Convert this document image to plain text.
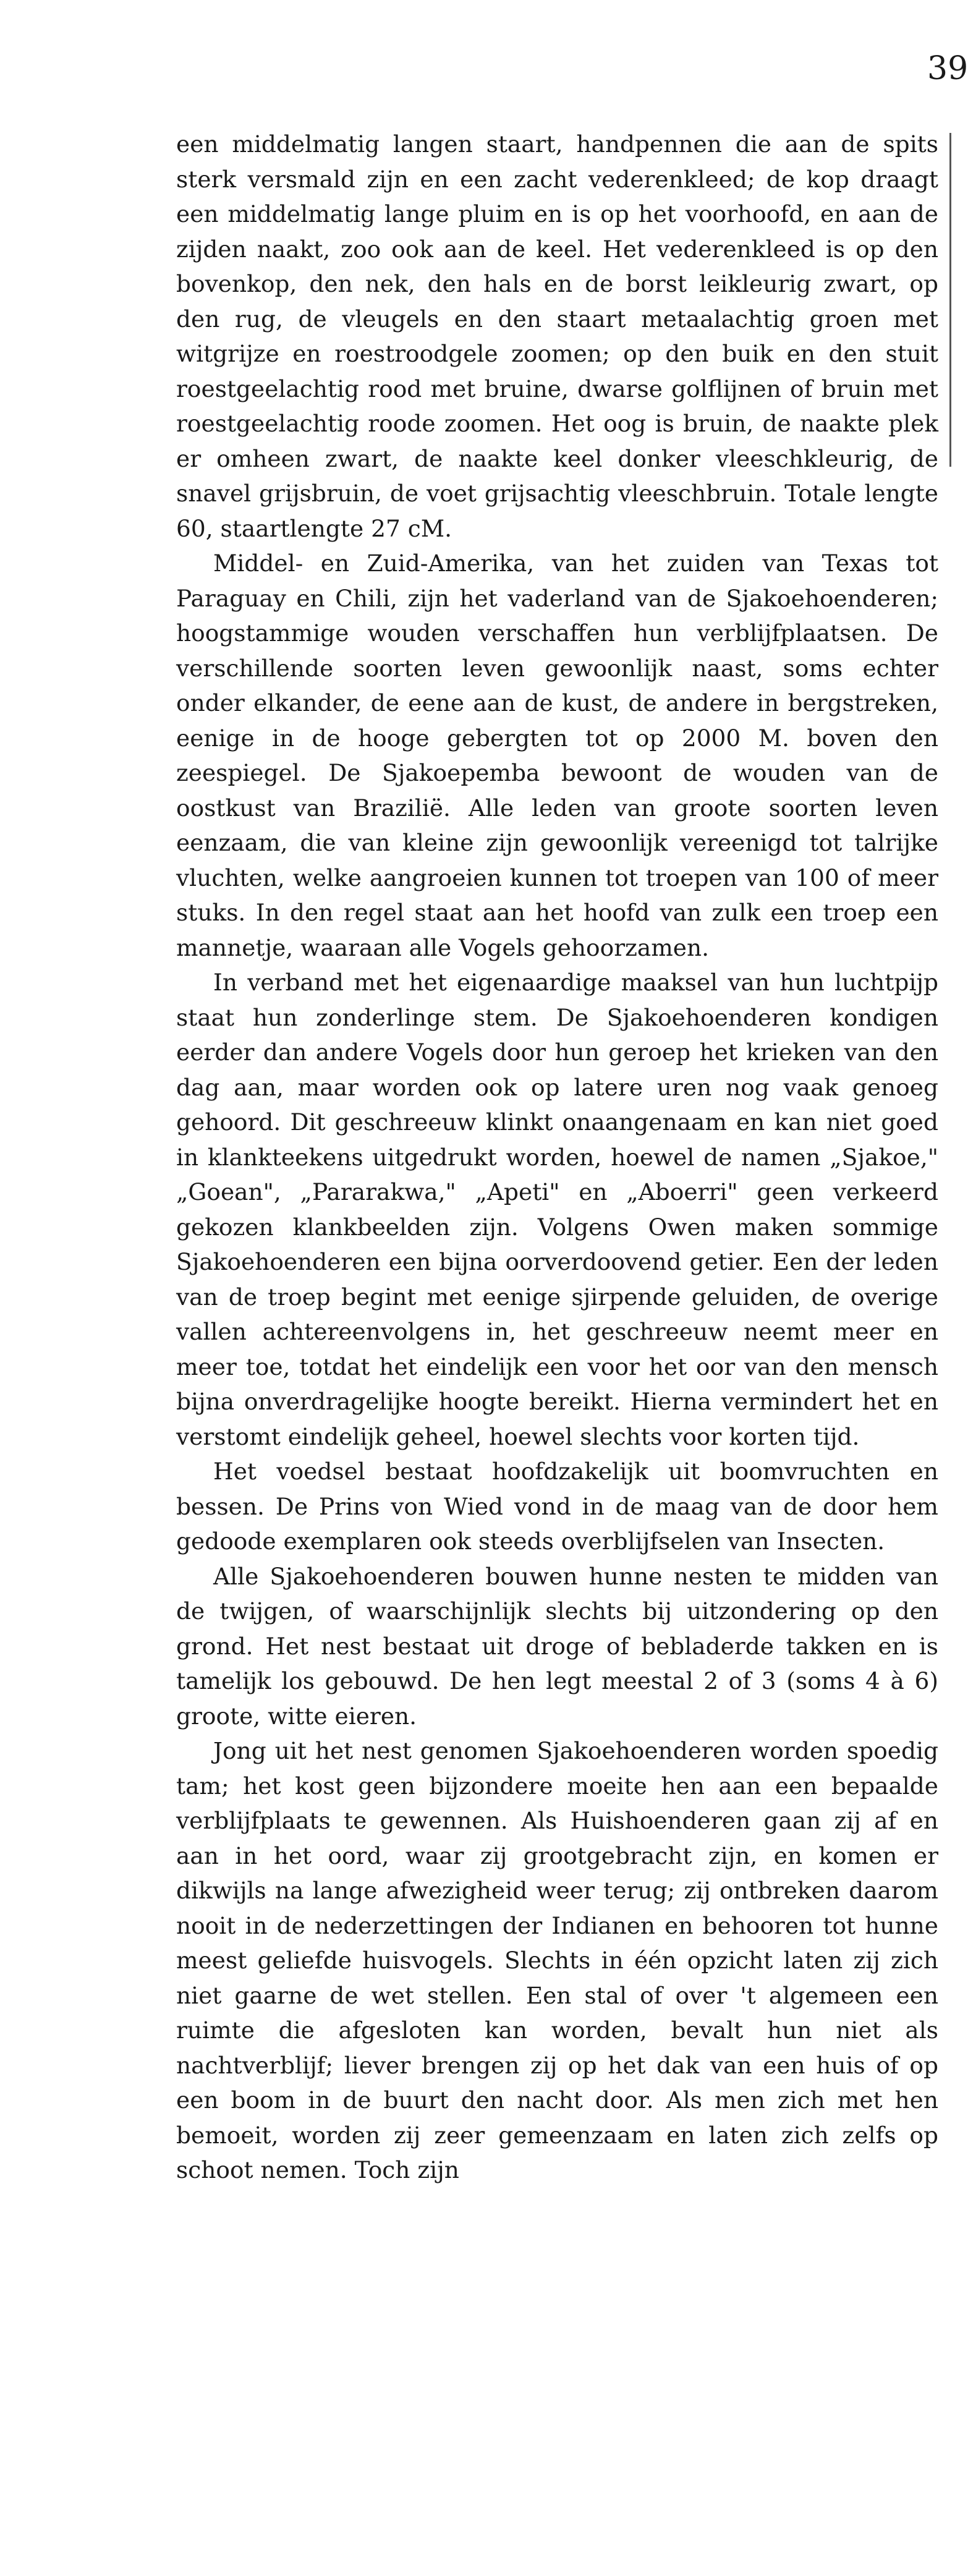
39

een middelmatig langen staart, handpennen die aan de spits sterk versmald zijn en een zacht vederenkleed; de kop draagt een middelmatig lange pluim en is op het voorhoofd, en aan de zijden naakt, zoo ook aan de keel. Het vederenkleed is op den bovenkop, den nek, den hals en de borst leikleurig zwart, op den rug, de vleugels en den staart metaalachtig groen met witgrijze en roestroodgele zoomen; op den buik en den stuit roestgeelachtig rood met bruine, dwarse golflijnen of bruin met roestgeelachtig roode zoomen. Het oog is bruin, de naakte plek er omheen zwart, de naakte keel donker vleeschkleurig, de snavel grijsbruin, de voet grijsachtig vleeschbruin. Totale lengte 60, staartlengte 27 cM.

Middel- en Zuid-Amerika, van het zuiden van Texas tot Paraguay en Chili, zijn het vaderland van de Sjakoehoenderen; hoogstammige wouden verschaffen hun verblijfplaatsen. De verschillende soorten leven gewoonlijk naast, soms echter onder elkander, de eene aan de kust, de andere in bergstreken, eenige in de hooge gebergten tot op 2000 M. boven den zeespiegel. De Sjakoepemba bewoont de wouden van de oostkust van Brazilië. Alle leden van groote soorten leven eenzaam, die van kleine zijn gewoonlijk vereenigd tot talrijke vluchten, welke aangroeien kunnen tot troepen van 100 of meer stuks. In den regel staat aan het hoofd van zulk een troep een mannetje, waaraan alle Vogels gehoorzamen.

In verband met het eigenaardige maaksel van hun luchtpijp staat hun zonderlinge stem. De Sjakoehoenderen kondigen eerder dan andere Vogels door hun geroep het krieken van den dag aan, maar worden ook op latere uren nog vaak genoeg gehoord. Dit geschreeuw klinkt onaangenaam en kan niet goed in klankteekens uitgedrukt worden, hoewel de namen „Sjakoe," „Goean", „Pararakwa," „Apeti" en „Aboerri" geen verkeerd gekozen klankbeelden zijn. Volgens Owen maken sommige Sjakoehoenderen een bijna oorverdoovend getier. Een der leden van de troep begint met eenige sjirpende geluiden, de overige vallen achtereenvolgens in, het geschreeuw neemt meer en meer toe, totdat het eindelijk een voor het oor van den mensch bijna onverdragelijke hoogte bereikt. Hierna vermindert het en verstomt eindelijk geheel, hoewel slechts voor korten tijd.

Het voedsel bestaat hoofdzakelijk uit boomvruchten en bessen. De Prins von Wied vond in de maag van de door hem gedoode exemplaren ook steeds overblijfselen van Insecten.

Alle Sjakoehoenderen bouwen hunne nesten te midden van de twijgen, of waarschijnlijk slechts bij uitzondering op den grond. Het nest bestaat uit droge of bebladerde takken en is tamelijk los gebouwd. De hen legt meestal 2 of 3 (soms 4 à 6) groote, witte eieren.

Jong uit het nest genomen Sjakoehoenderen worden spoedig tam; het kost geen bijzondere moeite hen aan een bepaalde verblijfplaats te gewennen. Als Huishoenderen gaan zij af en aan in het oord, waar zij grootgebracht zijn, en komen er dikwijls na lange afwezigheid weer terug; zij ontbreken daarom nooit in de nederzettingen der Indianen en behooren tot hunne meest geliefde huisvogels. Slechts in één opzicht laten zij zich niet gaarne de wet stellen. Een stal of over 't algemeen een ruimte die afgesloten kan worden, bevalt hun niet als nachtverblijf; liever brengen zij op het dak van een huis of op een boom in de buurt den nacht door. Als men zich met hen bemoeit, worden zij zeer gemeenzaam en laten zich zelfs op schoot nemen. Toch zijn
